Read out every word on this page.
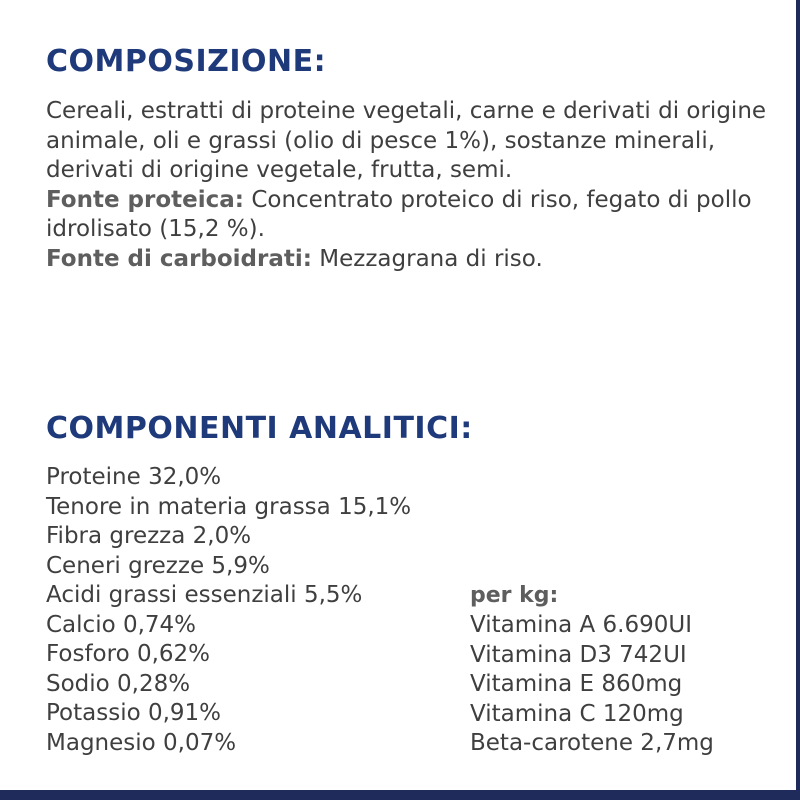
COMPOSIZIONE:

Cereali, estratti di proteine vegetali, carne e derivati di origine animale, oli e grassi (olio di pesce 1%), sostanze minerali, derivati di origine vegetale, frutta, semi.

Fonte proteica: Concentrato proteico di riso, fegato di pollo idrolisato (15,2 %).

Fonte di carboidrati: Mezzagrana di riso.

COMPONENTI ANALITICI:
Proteine 32,0%
Tenore in materia grassa 15,1%
Fibra grezza 2,0%
Ceneri grezze 5,9%
Acidi grassi essenziali 5,5%
Calcio 0,74%
Fosforo 0,62%
Sodio 0,28%
Potassio 0,91%
Magnesio 0,07%
per kg:
Vitamina A 6.690UI
Vitamina D3 742UI
Vitamina E 860mg
Vitamina C 120mg
Beta-carotene 2,7mg
